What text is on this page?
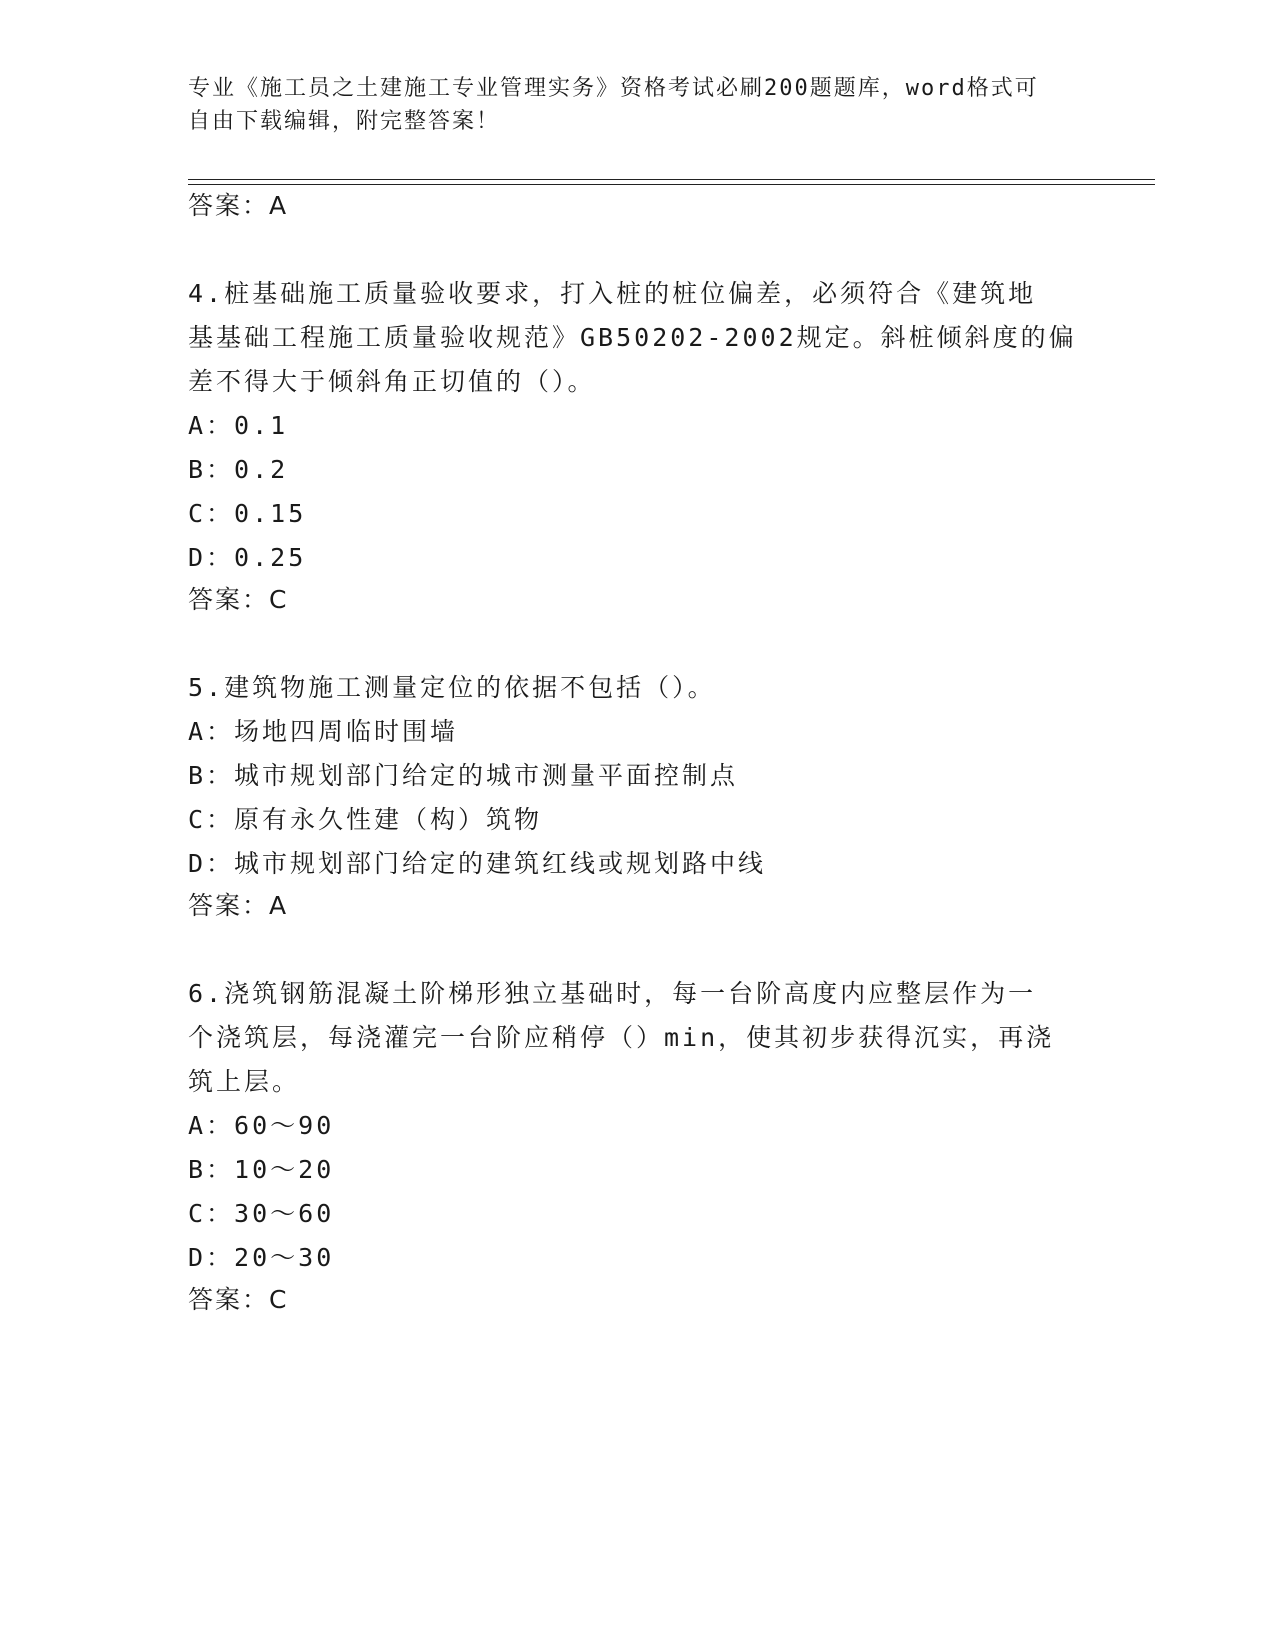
专业《施工员之土建施工专业管理实务》资格考试必刷200题题库，word格式可
自由下载编辑，附完整答案！
答案：A
4.桩基础施工质量验收要求，打入桩的桩位偏差，必须符合《建筑地
基基础工程施工质量验收规范》GB50202-2002规定。斜桩倾斜度的偏
差不得大于倾斜角正切值的（）。
A：0.1
B：0.2
C：0.15
D：0.25
答案：C
5.建筑物施工测量定位的依据不包括（）。
A：场地四周临时围墙
B：城市规划部门给定的城市测量平面控制点
C：原有永久性建（构）筑物
D：城市规划部门给定的建筑红线或规划路中线
答案：A
6.浇筑钢筋混凝土阶梯形独立基础时，每一台阶高度内应整层作为一
个浇筑层，每浇灌完一台阶应稍停（）min，使其初步获得沉实，再浇
筑上层。
A：60～90
B：10～20
C：30～60
D：20～30
答案：C
